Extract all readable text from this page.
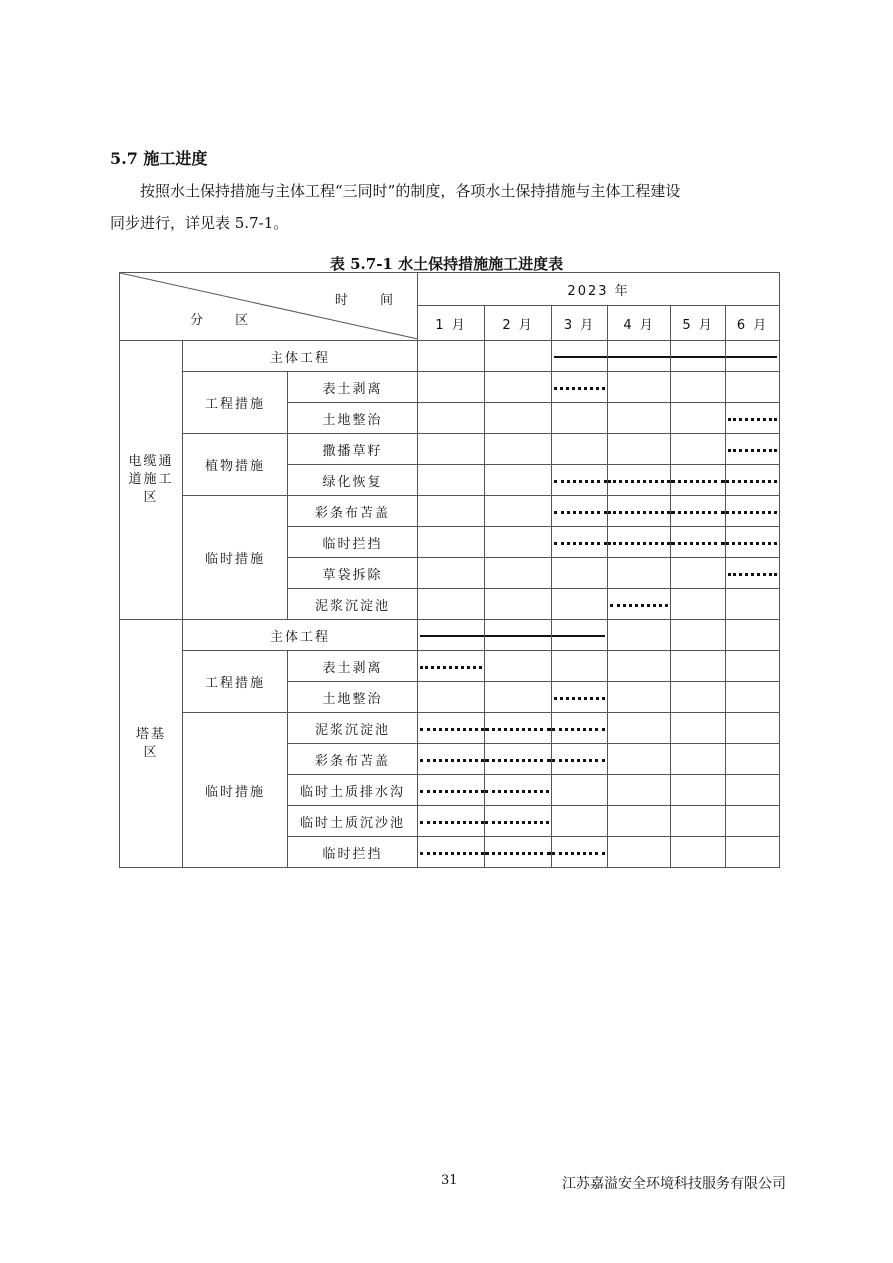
5.7 施工进度
按照水土保持措施与主体工程“三同时”的制度，各项水土保持措施与主体工程建设
同步进行，详见表 5.7-1。
表 5.7-1 水土保持措施施工进度表
时 间
分 区			2023 年					
			1 月	2 月	3 月	4 月	5 月	6 月

电缆通
道施工
区	主体工程				

	工程措施	表土剥离			

		土地整治						

	植物措施	撒播草籽						

		绿化恢复			

	临时措施	彩条布苫盖			

		临时拦挡			

		草袋拆除						

		泥浆沉淀池				

塔基
区	主体工程		

	工程措施	表土剥离	

		土地整治			

	临时措施	泥浆沉淀池	

		彩条布苫盖	

		临时土质排水沟	

		临时土质沉沙池	

		临时拦挡	

31	江苏嘉溢安全环境科技服务有限公司
